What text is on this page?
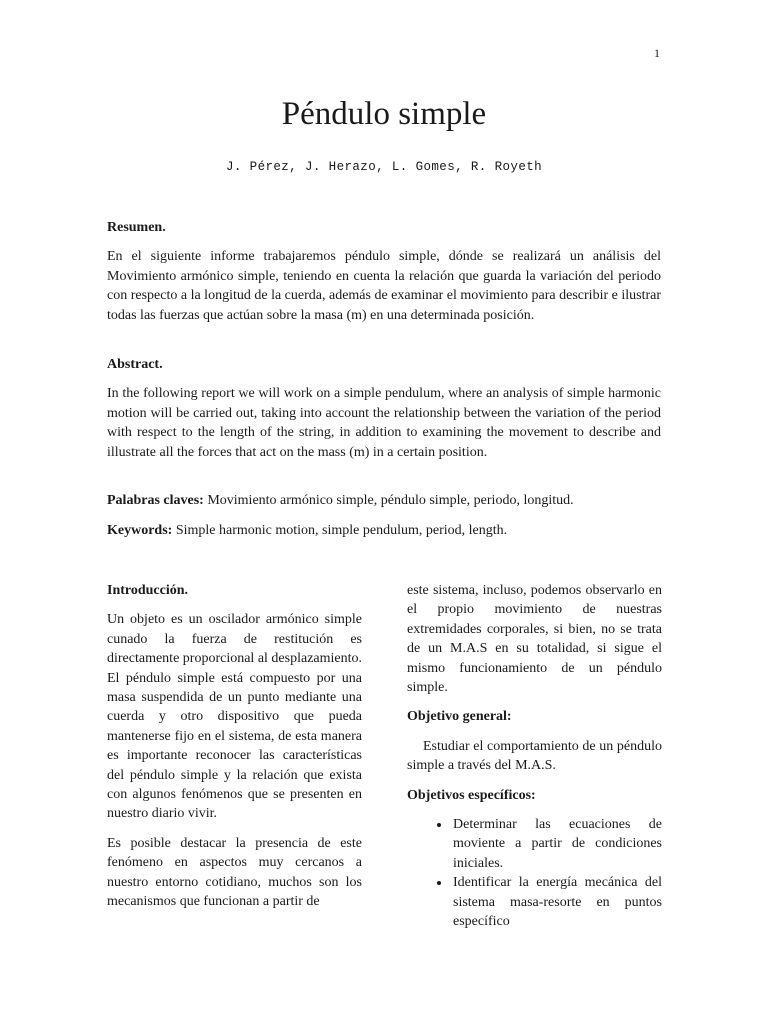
1
Péndulo simple
J. Pérez, J. Herazo, L. Gomes, R. Royeth

Resumen.

En el siguiente informe trabajaremos péndulo simple, dónde se realizará un análisis del Movimiento armónico simple, teniendo en cuenta la relación que guarda la variación del periodo con respecto a la longitud de la cuerda, además de examinar el movimiento para describir e ilustrar todas las fuerzas que actúan sobre la masa (m) en una determinada posición.

Abstract.

In the following report we will work on a simple pendulum, where an analysis of simple harmonic motion will be carried out, taking into account the relationship between the variation of the period with respect to the length of the string, in addition to examining the movement to describe and illustrate all the forces that act on the mass (m) in a certain position.

Palabras claves: Movimiento armónico simple, péndulo simple, periodo, longitud.

Keywords: Simple harmonic motion, simple pendulum, period, length.

Introducción.

Un objeto es un oscilador armónico simple cunado la fuerza de restitución es directamente proporcional al desplazamiento. El péndulo simple está compuesto por una masa suspendida de un punto mediante una cuerda y otro dispositivo que pueda mantenerse fijo en el sistema, de esta manera es importante reconocer las características del péndulo simple y la relación que exista con algunos fenómenos que se presenten en nuestro diario vivir.

Es posible destacar la presencia de este fenómeno en aspectos muy cercanos a nuestro entorno cotidiano, muchos son los mecanismos que funcionan a partir de

este sistema, incluso, podemos observarlo en el propio movimiento de nuestras extremidades corporales, si bien, no se trata de un M.A.S en su totalidad, si sigue el mismo funcionamiento de un péndulo simple.

Objetivo general:

Estudiar el comportamiento de un péndulo simple a través del M.A.S.

Objetivos específicos:

• Determinar las ecuaciones de moviente a partir de condiciones iniciales.
• Identificar la energía mecánica del sistema masa-resorte en puntos específico
